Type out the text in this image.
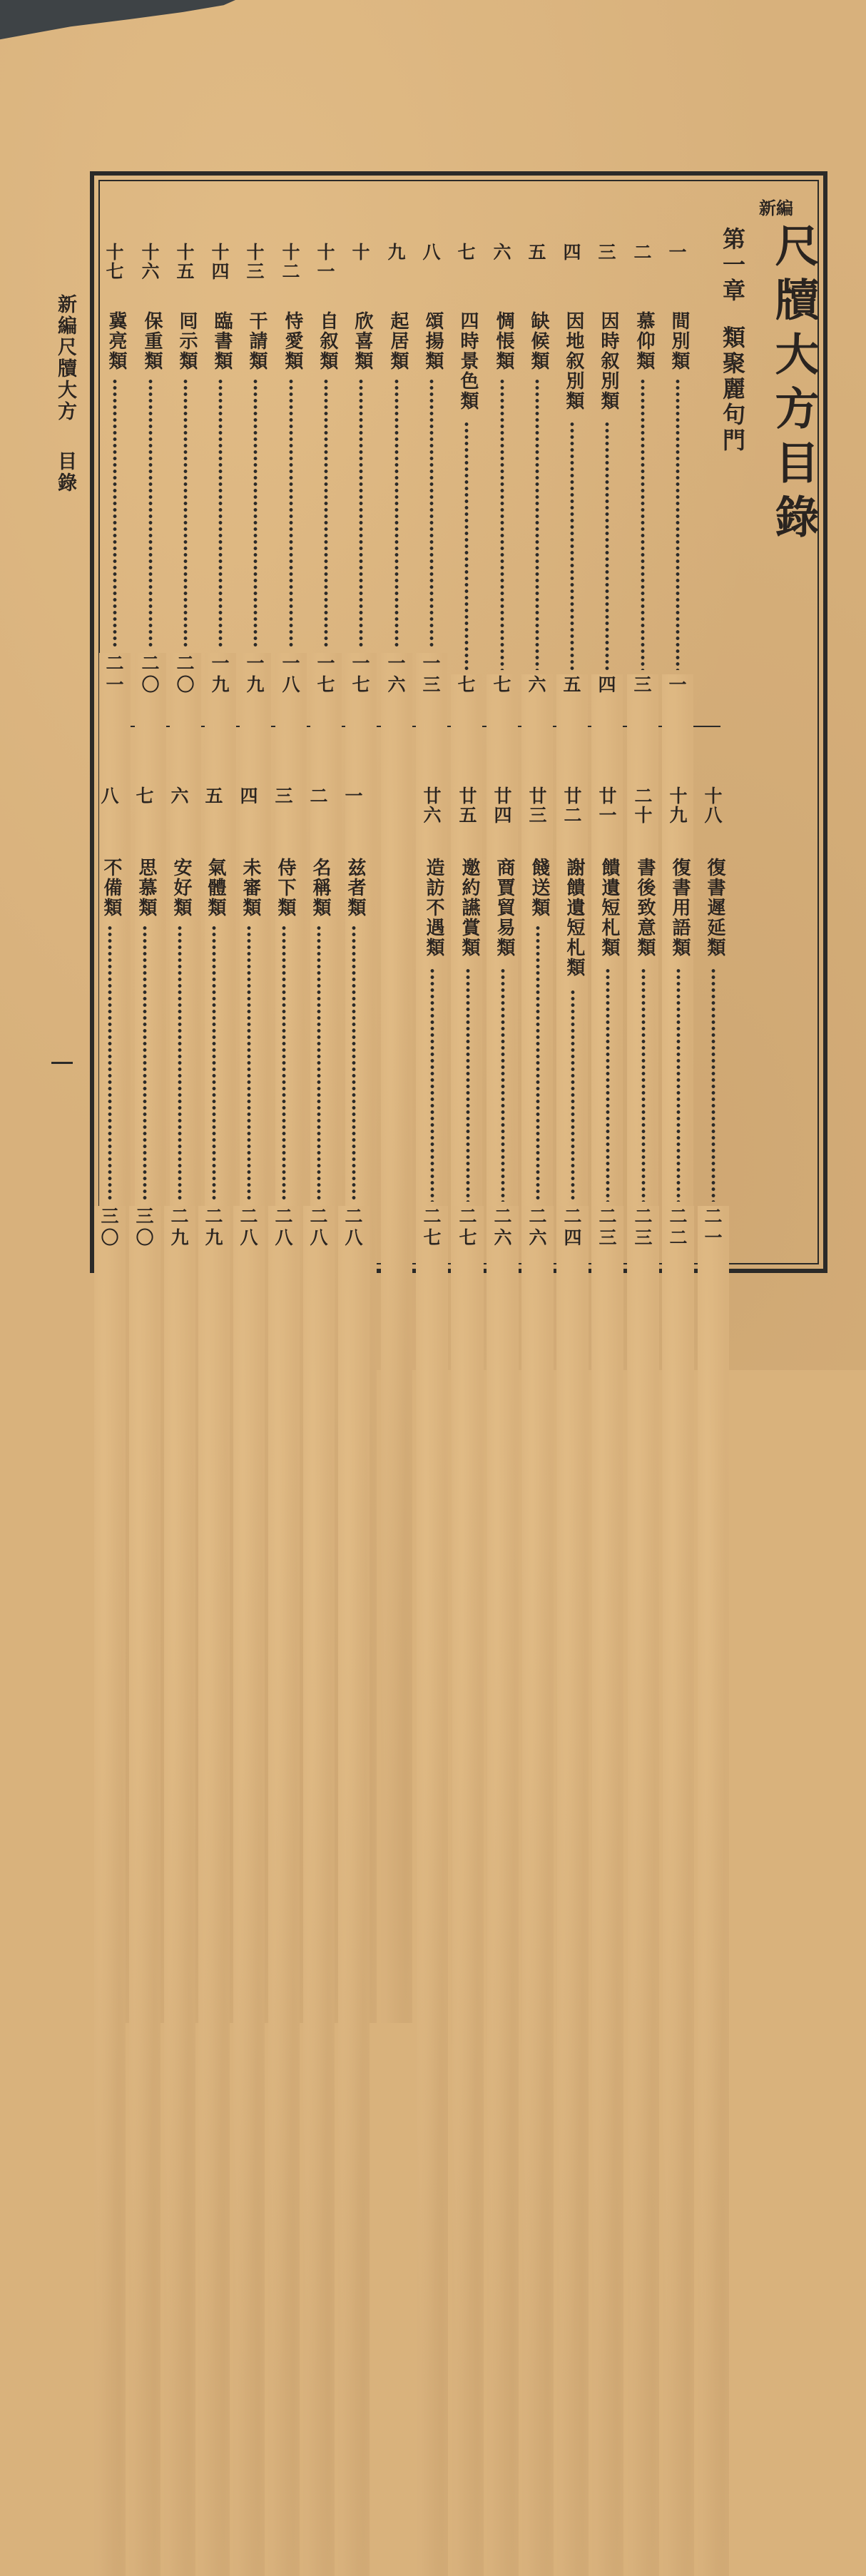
新編尺牘大方目錄
新編
尺牘大方目錄
第一章類聚麗句門
一
間別類
一
二
慕仰類
三
三
因時叙別類
四
四
因地叙別類
五
五
缺候類
六
六
惆悵類
七
七
四時景色類
七
八
頌揚類
一
三
九
起居類
一
六
十
欣喜類
一
七
十
一
自叙類
一
七
十
二
恃愛類
一
八
十
三
干請類
一
九
十
四
臨書類
一
九
十
五
囘示類
二
〇
十
六
保重類
二
〇
十
七
冀亮類
二
一
十
八
復書遲延類
二
一
十
九
復書用語類
二
二
二
十
書後致意類
二
三
廿
一
饋遺短札類
二
三
廿
二
謝饋遺短札類
二
四
廿
三
餞送類
二
六
廿
四
商賈貿易類
二
六
廿
五
邀約讌賞類
二
七
廿
六
造訪不遇類
二
七
一
兹者類
二
八
二
名稱類
二
八
三
侍下類
二
八
四
未審類
二
八
五
氣體類
二
九
六
安好類
二
九
七
思慕類
三
〇
八
不備類
三
〇
